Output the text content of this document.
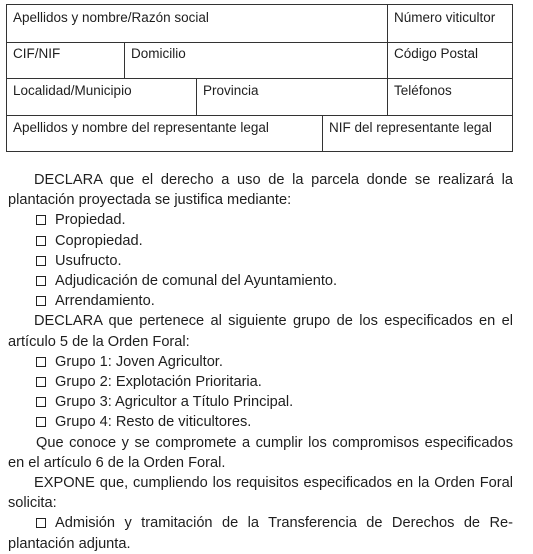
Apellidos y nombre/Razón social	Número viticultor
CIF/NIF	Domicilio	Código Postal
Localidad/Municipio	Provincia	Teléfonos
Apellidos y nombre del representante legal	NIF del representante legal

DECLARA que el derecho a uso de la parcela donde se realizará la plantación proyectada se justifica mediante:

Propiedad.

Copropiedad.

Usufructo.

Adjudicación de comunal del Ayuntamiento.

Arrendamiento.

DECLARA que pertenece al siguiente grupo de los especificados en el artículo 5 de la Orden Foral:

Grupo 1: Joven Agricultor.

Grupo 2: Explotación Prioritaria.

Grupo 3: Agricultor a Título Principal.

Grupo 4: Resto de viticultores.

Que conoce y se compromete a cumplir los compromisos especificados en el artículo 6 de la Orden Foral.

EXPONE que, cumpliendo los requisitos especificados en la Orden Foral solicita:

Admisión y tramitación de la Transferencia de Derechos de Re-plantación adjunta.
